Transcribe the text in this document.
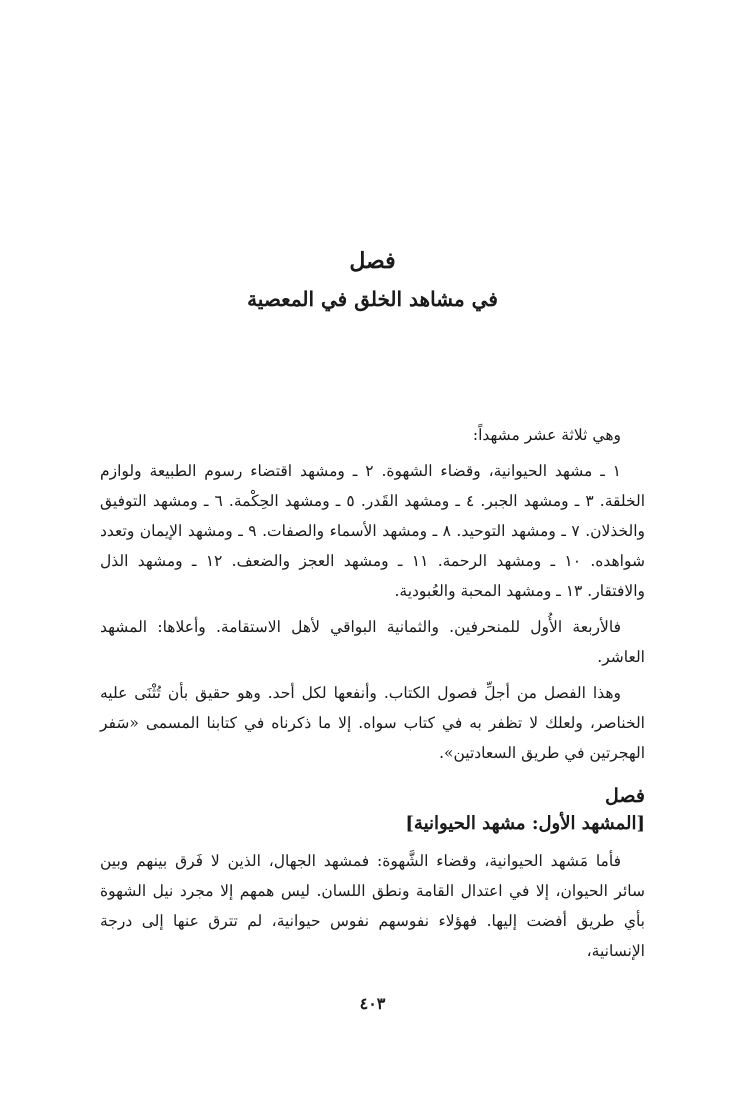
فصل
في مشاهد الخلق في المعصية

وهي ثلاثة عشر مشهداً:

١ ـ مشهد الحيوانية، وقضاء الشهوة. ٢ ـ ومشهد اقتضاء رسوم الطبيعة ولوازم الخلقة. ٣ ـ ومشهد الجبر. ٤ ـ ومشهد القَدر. ٥ ـ ومشهد الحِكْمة. ٦ ـ ومشهد التوفيق والخذلان. ٧ ـ ومشهد التوحيد. ٨ ـ ومشهد الأسماء والصفات. ٩ ـ ومشهد الإيمان وتعدد شواهده. ١٠ ـ ومشهد الرحمة. ١١ ـ ومشهد العجز والضعف. ١٢ ـ ومشهد الذل والافتقار. ١٣ ـ ومشهد المحبة والعُبودية.

فالأربعة الأُول للمنحرفين. والثمانية البواقي لأهل الاستقامة. وأعلاها: المشهد العاشر.

وهذا الفصل من أجلِّ فصول الكتاب. وأنفعها لكل أحد. وهو حقيق بأن تُثْنَى عليه الخناصر، ولعلك لا تظفر به في كتاب سواه. إلا ما ذكرناه في كتابنا المسمى «سَفر الهجرتين في طريق السعادتين».

فصل
[المشهد الأول: مشهد الحيوانية]

فأما مَشهد الحيوانية، وقضاء الشَّهوة: فمشهد الجهال، الذين لا فَرق بينهم وبين سائر الحيوان، إلا في اعتدال القامة ونطق اللسان. ليس همهم إلا مجرد نيل الشهوة بأي طريق أفضت إليها. فهؤلاء نفوسهم نفوس حيوانية، لم تترق عنها إلى درجة الإنسانية،

٤٠٣
